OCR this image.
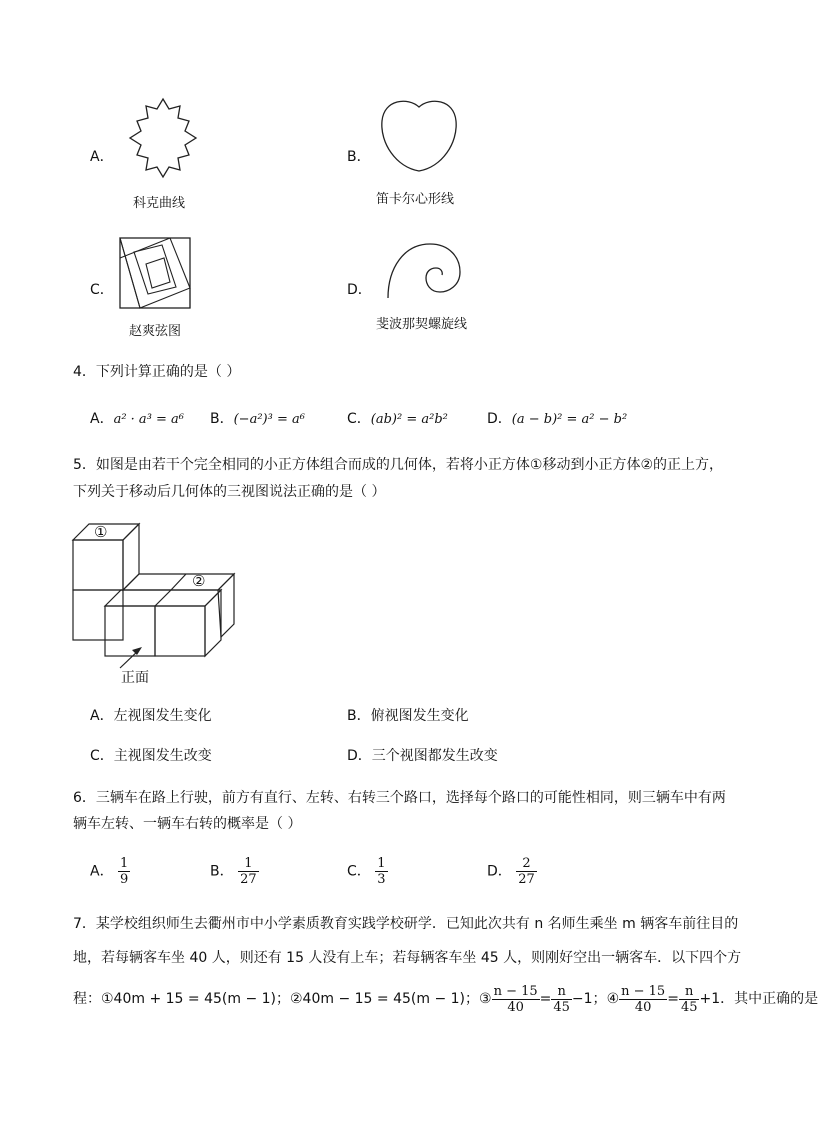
A．
科克曲线
B．
笛卡尔心形线
C．
赵爽弦图
D．
斐波那契螺旋线
4．下列计算正确的是（ ）
A．a² · a³ = a⁶ B．(−a²)³ = a⁶	C．(ab)² = a²b²	D．(a − b)² = a² − b²
5．如图是由若干个完全相同的小正方体组合而成的几何体，若将小正方体①移动到小正方体②的正上方，
下列关于移动后几何体的三视图说法正确的是（ ）
①
②
正面
A．左视图发生变化	B．俯视图发生变化
C．主视图发生改变	D．三个视图都发生改变
6．三辆车在路上行驶，前方有直行、左转、右转三个路口，选择每个路口的可能性相同，则三辆车中有两
辆车左转、一辆车右转的概率是（ ）
A． $\frac{1}{9}$	B． $\frac{1}{27}$	C． $\frac{1}{3}$	D． $\frac{2}{27}$
7．某学校组织师生去衢州市中小学素质教育实践学校研学．已知此次共有 n 名师生乘坐 m 辆客车前往目的
地，若每辆客车坐 40 人，则还有 15 人没有上车；若每辆客车坐 45 人，则刚好空出一辆客车．以下四个方
程：①40m + 15 = 45(m − 1)；②40m − 15 = 45(m − 1)；③ $\frac{n - 15}{40} = \frac{n}{45} -1$；④ $\frac{n - 15}{40} = \frac{n}{45} +1$．其中正确的是
